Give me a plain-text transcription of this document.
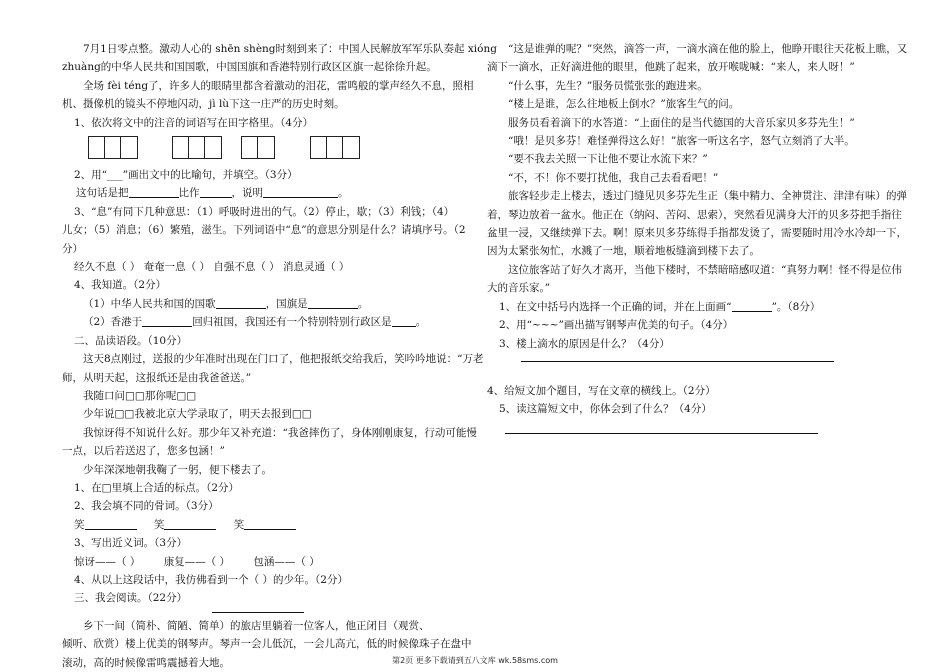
7月1日零点整。激动人心的 shēn shèng时刻到来了：中国人民解放军军乐队奏起 xióng

zhuàng的中华人民共和国国歌，中国国旗和香港特别行政区区旗一起徐徐升起。

全场 fèi téng了，许多人的眼睛里都含着激动的泪花，雷鸣般的掌声经久不息，照相

机、摄像机的镜头不停地闪动，jì lù下这一庄严的历史时刻。

1、依次将文中的注音的词语写在田字格里。（4分）

2、用“___”画出文中的比喻句，并填空。（3分）

这句话是把	比作	，说明	。

3、“息”有同下几种意思：（1）呼吸时进出的气。（2）停止，歇；（3）利钱；（4）

儿女；（5）消息；（6）繁殖，滋生。下列词语中“息”的意思分别是什么？请填序号。（2

分）

经久不息（ ） 奄奄一息（ ） 自强不息（ ） 消息灵通（ ）

4、我知道。（2分）

（1）中华人民共和国的国歌	，国旗是	。

（2）香港于	回归祖国，我国还有一个特别特别行政区是 。

二、品读语段。（10分）

这天8点刚过，送报的少年准时出现在门口了，他把报纸交给我后，笑吟吟地说：“万老

师，从明天起，这报纸还是由我爸爸送。”

我随口问□□那你呢□□

少年说□□我被北京大学录取了，明天去报到□□

我惊讶得不知说什么好。那少年又补充道：“我爸摔伤了，身体刚刚康复，行动可能慢

一点，以后若送迟了，您多包涵！”

少年深深地朝我鞠了一躬，便下楼去了。

1、在□里填上合适的标点。（2分）

2、我会填不同的骨词。（3分）

笑	笑	笑

3、写出近义词。（3分）

惊讶——（ ） 康复——（ ） 包涵——（ ）

4、从以上这段话中，我仿佛看到一个（ ）的少年。（2分）

三、我会阅读。（22分）

乡下一间（简朴、简陋、简单）的旅店里躺着一位客人，他正闭目（观赏、

倾听、欣赏）楼上优美的钢琴声。琴声一会儿低沉，一会儿高亢，低的时候像珠子在盘中

滚动，高的时候像雷鸣震撼着大地。

“这是谁弹的呢？”突然，滴答一声，一滴水滴在他的脸上，他睁开眼往天花板上瞧，又

滴下一滴水，正好滴进他的眼里，他跳了起来，放开喉咙喊：“来人，来人呀！”

“什么事，先生？”服务员慌张张的跑进来。

“楼上是谁，怎么往地板上倒水？”旅客生气的问。

服务员看着滴下的水答道：“上面住的是当代德国的大音乐家贝多芬先生！”

“哦！是贝多芬！难怪弹得这么好！”旅客一听这名字，怒气立刻消了大半。

“要不我去关照一下让他不要让水流下来？”

“不，不！你不要打扰他，我自己去看看吧！”

旅客轻步走上楼去，透过门缝见贝多芬先生正（集中精力、全神贯注、津津有味）的弹

着，琴边放着一盆水。他正在（纳闷、苦闷、思索），突然看见满身大汗的贝多芬把手指往

盆里一浸，又继续弹下去。啊！原来贝多芬练得手指都发烫了，需要随时用冷水冷却一下，

因为太紧张匆忙，水溅了一地，顺着地板缝滴到楼下去了。

这位旅客站了好久才离开，当他下楼时，不禁暗暗感叹道：“真努力啊！怪不得是位伟

大的音乐家。”

1、在文中括号内选择一个正确的词，并在上面画“	”。（8分）

2、用“~~~”画出描写钢琴声优美的句子。（4分）

3、楼上滴水的原因是什么？（4分）

4、给短文加个题目，写在文章的横线上。（2分）

5、读这篇短文中，你体会到了什么？（4分）

第2页 更多下载请到五八文库 wk.58sms.com
